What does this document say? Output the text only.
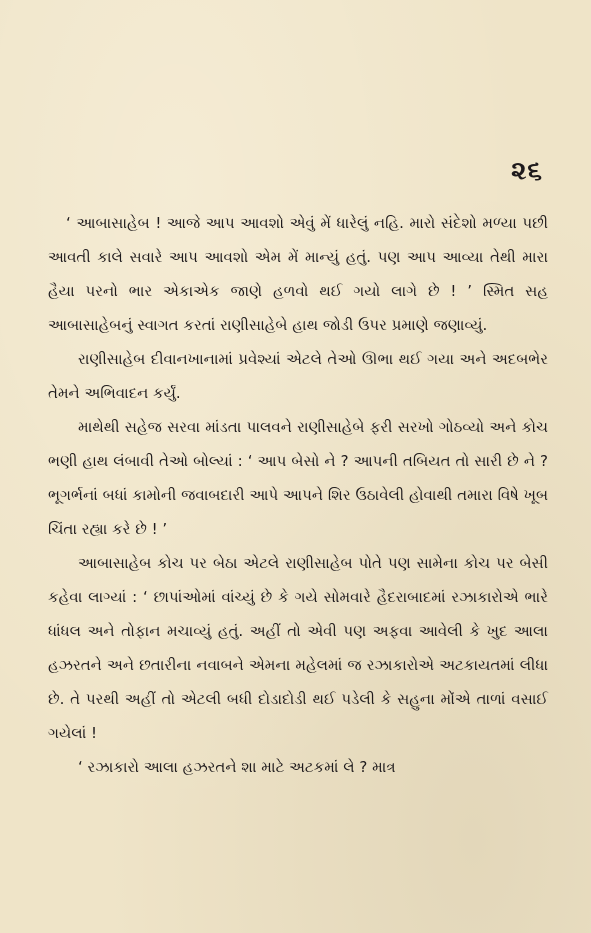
૨૬

‘ આબાસાહેબ ! આજે આપ આવશો એવું મેં ધારેલું નહિ. મારો સંદેશો મળ્યા પછી આવતી કાલે સવારે આપ આવશો એમ મેં માન્યું હતું. પણ આપ આવ્યા તેથી મારા હૈયા પરનો ભાર એકાએક જાણે હળવો થઈ ગયો લાગે છે ! ’ સ્મિત સહ આબાસાહેબનું સ્વાગત કરતાં રાણીસાહેબે હાથ જોડી ઉપર પ્રમાણે જણાવ્યું.

રાણીસાહેબ દીવાનખાનામાં પ્રવેશ્યાં એટલે તેઓ ઊભા થઈ ગયા અને અદબભેર તેમને અભિવાદન કર્યું.

માથેથી સહેજ સરવા માંડતા પાલવને રાણીસાહેબે ફરી સરખો ગોઠવ્યો અને કોચ ભણી હાથ લંબાવી તેઓ બોલ્યાં : ‘ આપ બેસો ને ? આપની તબિયત તો સારી છે ને ? ભૂગર્ભનાં બધાં કામોની જવાબદારી આપે આપને શિર ઉઠાવેલી હોવાથી તમારા વિષે ખૂબ ચિંતા રહ્યા કરે છે ! ’

આબાસાહેબ કોચ પર બેઠા એટલે રાણીસાહેબ પોતે પણ સામેના કોચ પર બેસી કહેવા લાગ્યાં : ‘ છાપાંઓમાં વાંચ્યું છે કે ગયે સોમવારે હૈદરાબાદમાં રઝાકારોએ ભારે ધાંધલ અને તોફાન મચાવ્યું હતું. અહીં તો એવી પણ અફવા આવેલી કે ખુદ આલા હઝરતને અને છતારીના નવાબને એમના મહેલમાં જ રઝાકારોએ અટકાયતમાં લીધા છે. તે પરથી અહીં તો એટલી બધી દોડાદોડી થઈ પડેલી કે સહુના મોંએ તાળાં વસાઈ ગયેલાં !

‘ રઝાકારો આલા હઝરતને શા માટે અટકમાં લે ? માત્ર
